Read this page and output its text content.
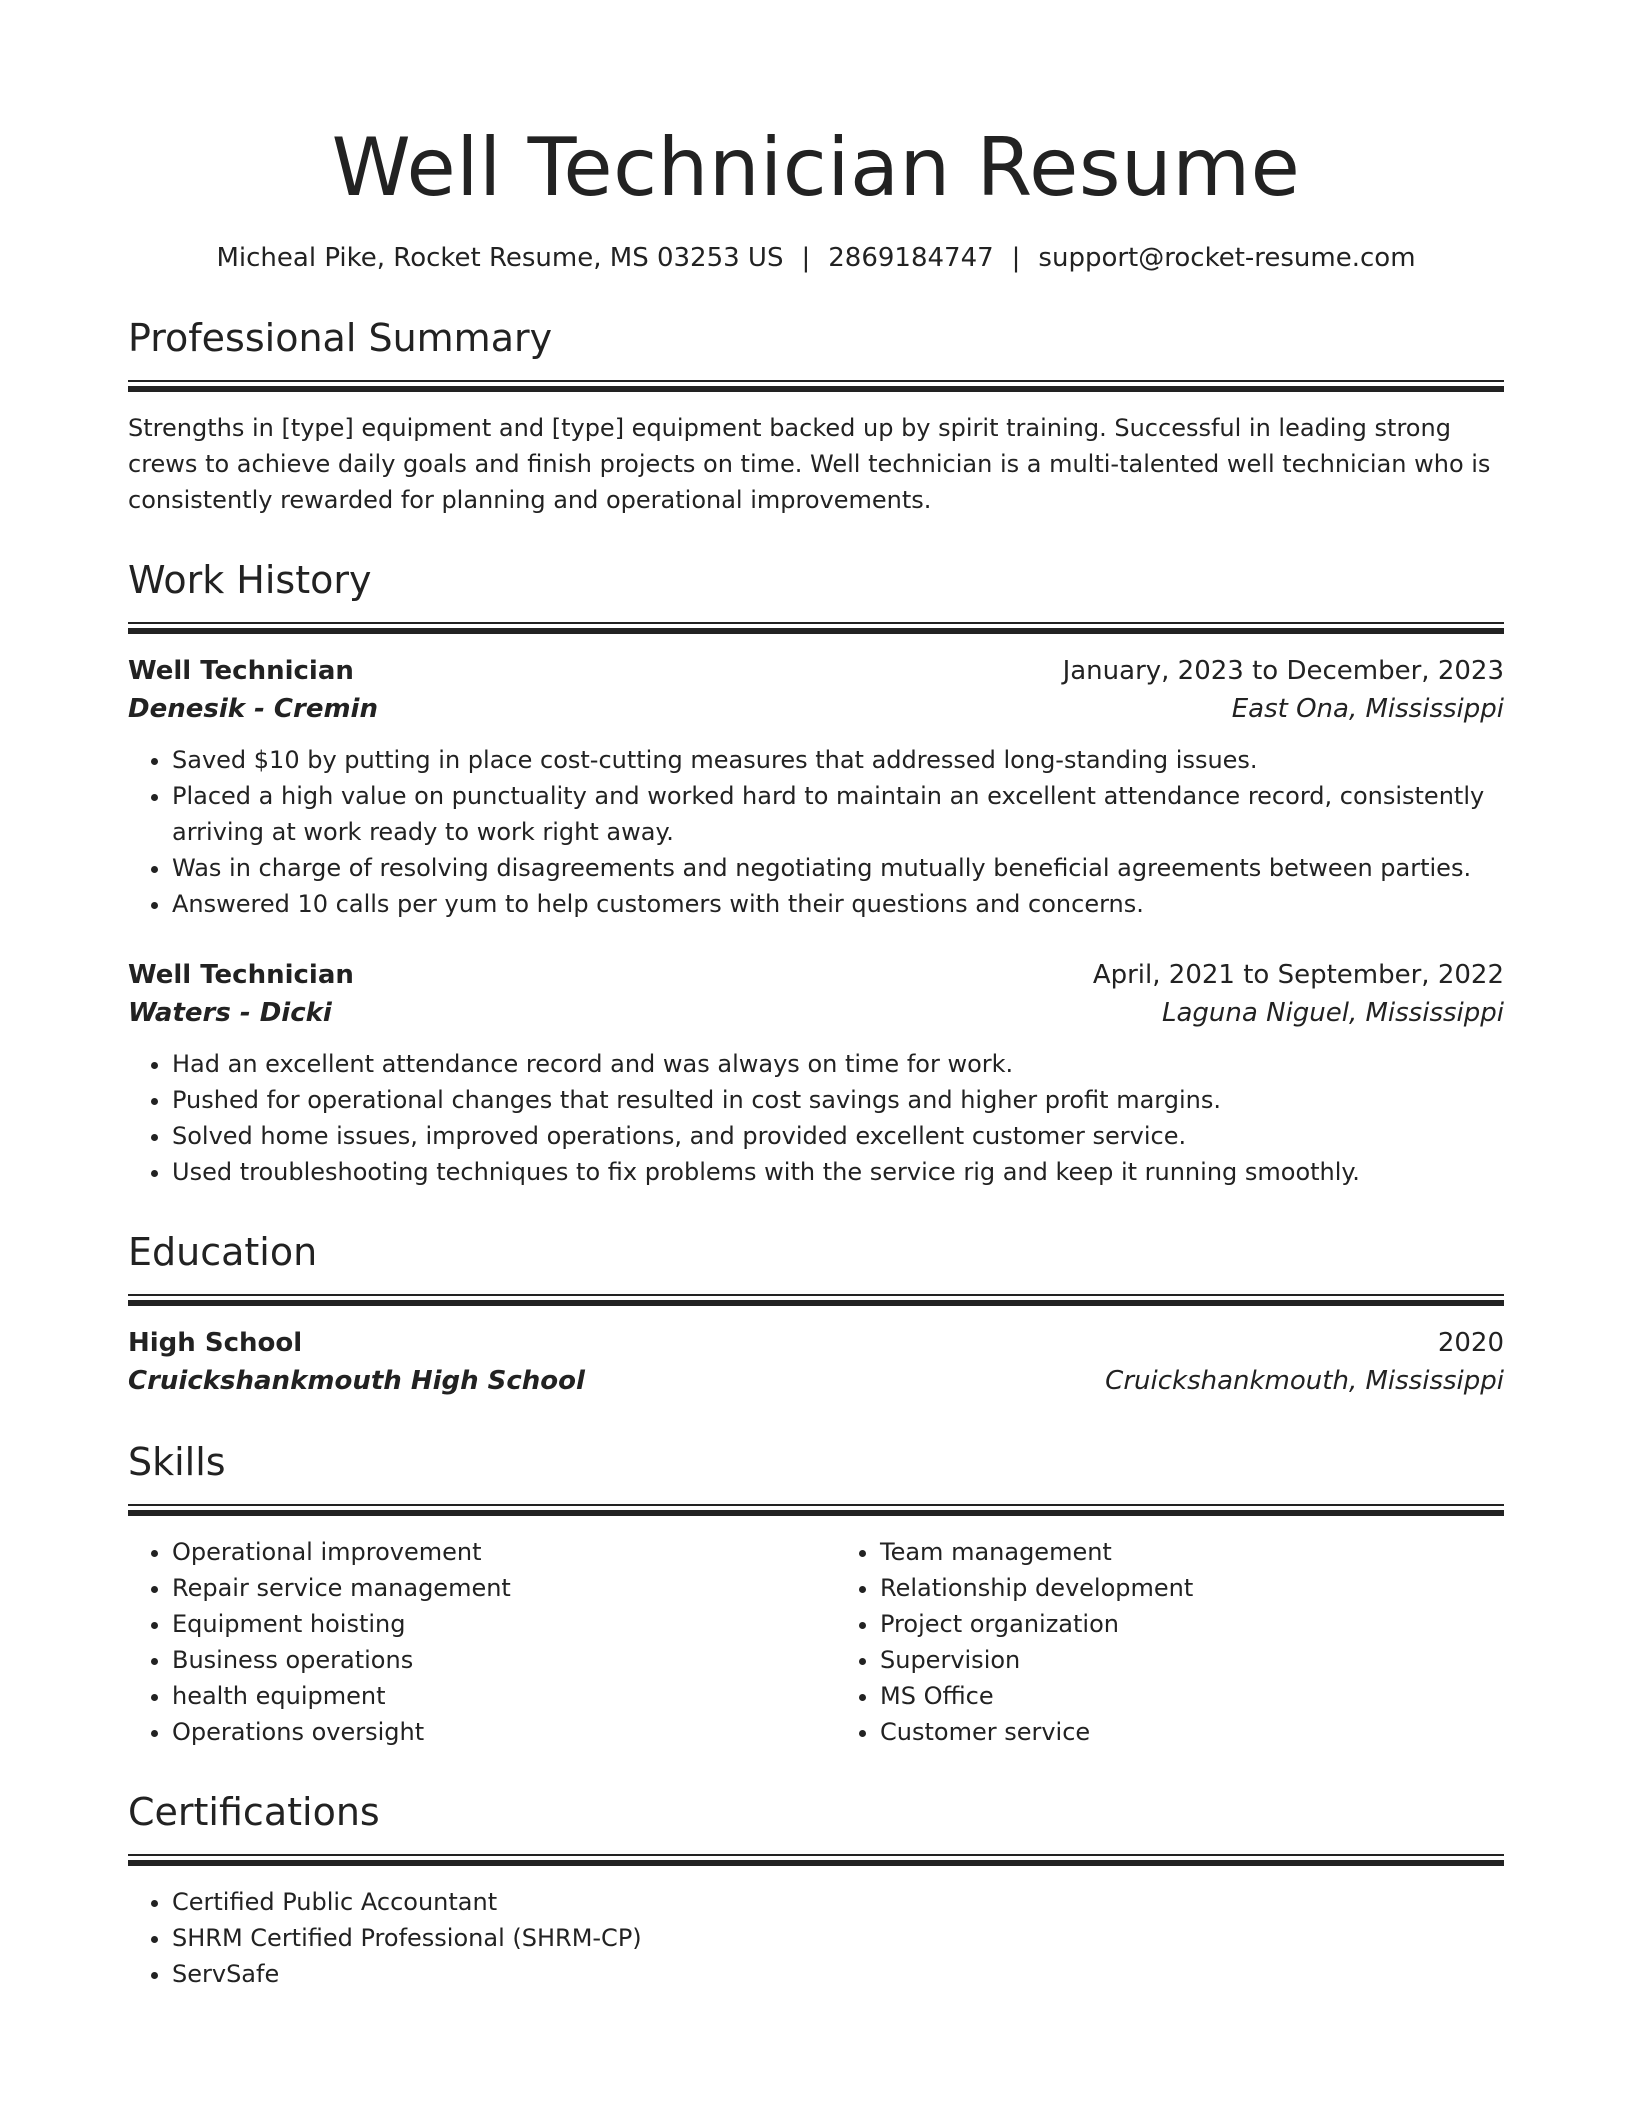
Well Technician Resume
Micheal Pike, Rocket Resume, MS 03253 US | 2869184747 | support@rocket-resume.com
Professional Summary

Strengths in [type] equipment and [type] equipment backed up by spirit training. Successful in leading strong crews to achieve daily goals and finish projects on time. Well technician is a multi-talented well technician who is consistently rewarded for planning and operational improvements.

Work History
Well Technician	January, 2023 to December, 2023
Denesik - Cremin	East Ona, Mississippi
• Saved $10 by putting in place cost-cutting measures that addressed long-standing issues.
• Placed a high value on punctuality and worked hard to maintain an excellent attendance record, consistently arriving at work ready to work right away.
• Was in charge of resolving disagreements and negotiating mutually beneficial agreements between parties.
• Answered 10 calls per yum to help customers with their questions and concerns.
Well Technician	April, 2021 to September, 2022
Waters - Dicki	Laguna Niguel, Mississippi
• Had an excellent attendance record and was always on time for work.
• Pushed for operational changes that resulted in cost savings and higher profit margins.
• Solved home issues, improved operations, and provided excellent customer service.
• Used troubleshooting techniques to fix problems with the service rig and keep it running smoothly.
Education
High School	2020
Cruickshankmouth High School	Cruickshankmouth, Mississippi
Skills
• Operational improvement
• Repair service management
• Equipment hoisting
• Business operations
• health equipment
• Operations oversight
• Team management
• Relationship development
• Project organization
• Supervision
• MS Office
• Customer service
Certifications
• Certified Public Accountant
• SHRM Certified Professional (SHRM-CP)
• ServSafe
